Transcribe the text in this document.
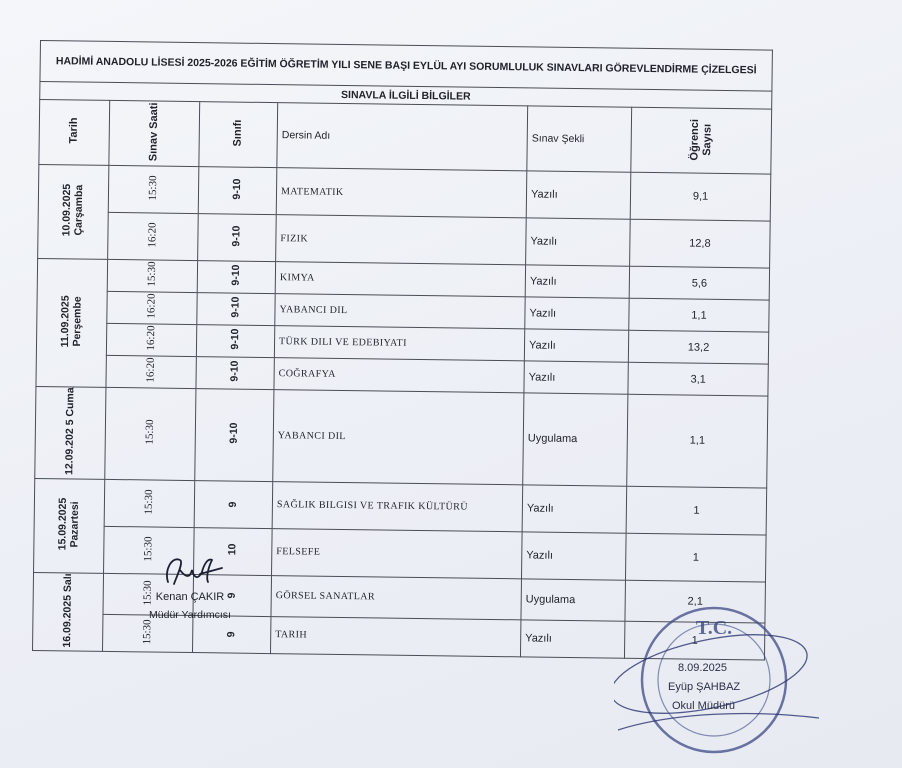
HADİMİ ANADOLU LİSESİ 2025-2026 EĞİTİM ÖĞRETİM YILI SENE BAŞI EYLÜL AYI SORUMLULUK SINAVLARI GÖREVLENDİRME ÇİZELGESİ					
SINAVLA İLGİLİ BİLGİLER					
Tarih	Sınav Saati	Sınıfı	Dersin Adı	Sınav Şekli	Öğrenci Sayısı
10.09.2025 Çarşamba	15:30	9-10	MATEMATIK	Yazılı	9,1
	16:20	9-10	FIZIK	Yazılı	12,8
11.09.2025 Perşembe	15:30	9-10	KIMYA	Yazılı	5,6
	16:20	9-10	YABANCI DIL	Yazılı	1,1
	16:20	9-10	TÜRK DILI VE EDEBIYATI	Yazılı	13,2
	16:20	9-10	COĞRAFYA	Yazılı	3,1
12.09.202 5 Cuma	15:30	9-10	YABANCI DIL	Uygulama	1,1
15.09.2025 Pazartesi	15:30	9	SAĞLIK BILGISI VE TRAFIK KÜLTÜRÜ	Yazılı	1
	15:30	10	FELSEFE	Yazılı	1
16.09.2025 Salı	15:30	9	GÖRSEL SANATLAR	Uygulama	2,1
	15:30	9	TARIH	Yazılı	1
Kenan ÇAKIR
Müdür Yardımcısı
T.C.
8.09.2025
Eyüp ŞAHBAZ
Okul Müdürü
